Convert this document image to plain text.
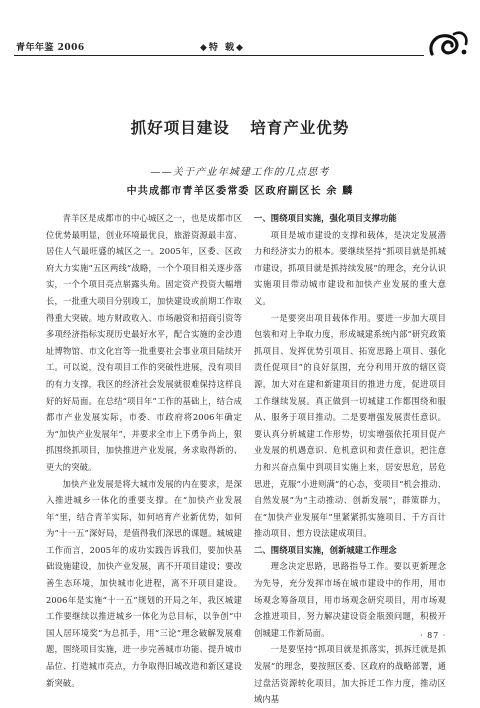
青年年鉴 2006	◆特 载◆
抓好项目建设 培育产业优势
——关于产业年城建工作的几点思考
中共成都市青羊区委常委 区政府副区长 余 麟

青羊区是成都市的中心城区之一，也是成都市区位优势最明显，创业环境最优良，旅游资源最丰富、居住人气最旺盛的城区之一。2005年，区委、区政府大力实施“五区两线”战略，一个个项目相关逐步落实，一个个项目亮点崭露头角。固定资产投资大幅增长，一批重大项目分别竣工，加快建设或前期工作取得重大突破。地方财政收入、市场融资和招商引资等多项经济指标实现历史最好水平，配合实施的金沙遗址博物馆、市文化宫等一批重要社会事业项目陆续开工。可以说，没有项目工作的突破性进展，没有项目的有力支撑，我区的经济社会发展就很难保持这样良好的好局面。在总结“项目年”工作的基础上，结合成都市产业发展实际，市委、市政府将2006年确定为“加快产业发展年”，并要求全市上下勇争尚上，狠抓围绕抓项目，加快推进产业发展，务求取得新的、更大的突破。

加快产业发展是将大城市发展的内在要求，是深入推进城乡一体化的重要支撑。在“加快产业发展年”里，结合青羊实际，如何培育产业新优势，如何为“十一五”深好局，是值得我们深思的课题。城城建工作而言，2005年的成功实践告诉我们，要加快基础设施建设，加快产业发展，离不开项目建设；要改善生态环境，加快城市化进程，离不开项目建设。2006年是实施“十一五”规划的开局之年，我区城建工作要继续以推进城乡一体化为总目标，以争创“中国人居环境奖”为总抓手，用“三论”理念破解发展难题，围绕项目实施，进一步完善城市功能、提升城市品位、打造城市亮点，力争取得旧城改造和新区建设新突破。

一、围绕项目实施，强化项目支撑功能

项目是城市建设的支撑和载体，是决定发展潜力和经济实力的根本。要继续坚持“抓项目就是抓城市建设，抓项目就是抓持续发展”的理念，充分认识实施项目带动城市建设和加快产业发展的重大意义。

一是要突出项目载体作用。要进一步加大项目包装和对上争取力度，形成城建系统内部“研究政策抓项目、发挥优势引项目、拓宽思路上项目、强化责任促项目”的良好氛围，充分利用开放的辖区资源，加大对在建和新建项目的推进力度，促进项目工作继续发展。真正做到一切城建工作都围绕和服从、服务于项目推动。二是要增强发展责任意识。要认真分析城建工作形势，切实增强依托项目促产业发展的机遇意识、危机意识和责任意识，把注意力和兴奋点集中到项目实施上来，居安思危，居危思进，克服“小进则满”的心态，变项目“机会推动、自然发展”为“主动推动、创新发展”，群策群力，在“加快产业发展年”里紧紧抓实施项目、千方百计推动项目、想方设法建成项目。

二、围绕项目实施，创新城建工作理念

理念决定思路，思路指导工作。要以更新理念为先导，充分发挥市场在城市建设中的作用，用市场观念筹备项目，用市场观念研究项目，用市场观念推进项目，努力解决建设资金瓶颈问题，积极开创城建工作新局面。

一是要坚持“抓项目就是抓落实，抓拆迁就是抓发展”的理念，要按照区委、区政府的战略部署，通过盘活资源转化项目，加大拆迁工作力度，推动区域内基

· 87 ·
